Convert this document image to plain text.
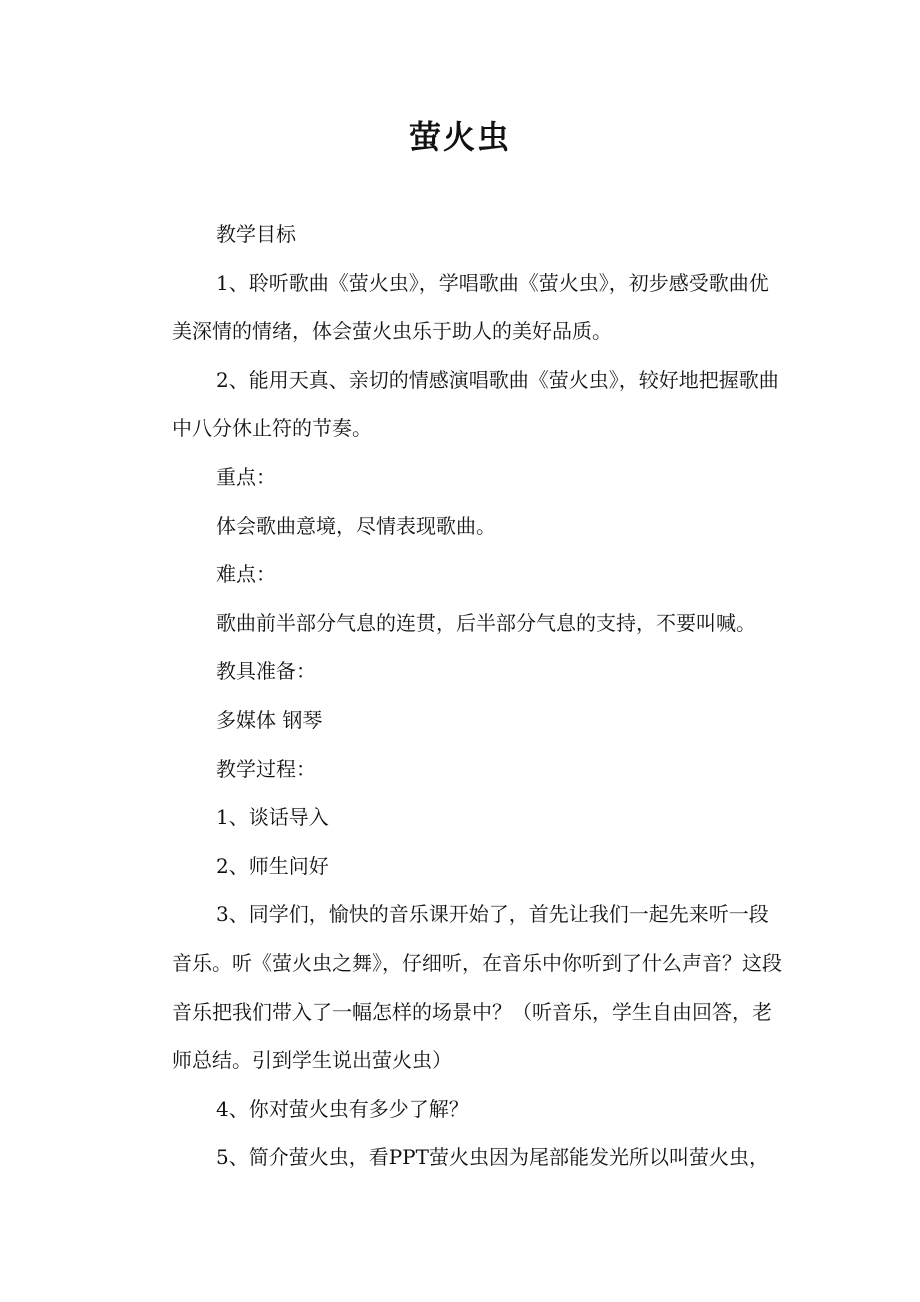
萤火虫

教学目标

1、聆听歌曲《萤火虫》，学唱歌曲《萤火虫》，初步感受歌曲优美深情的情绪，体会萤火虫乐于助人的美好品质。

2、能用天真、亲切的情感演唱歌曲《萤火虫》，较好地把握歌曲中八分休止符的节奏。

重点：

体会歌曲意境，尽情表现歌曲。

难点：

歌曲前半部分气息的连贯，后半部分气息的支持，不要叫喊。

教具准备：

多媒体 钢琴

教学过程：

1、谈话导入

2、师生问好

3、同学们，愉快的音乐课开始了，首先让我们一起先来听一段音乐。听《萤火虫之舞》，仔细听，在音乐中你听到了什么声音？这段音乐把我们带入了一幅怎样的场景中？（听音乐，学生自由回答，老师总结。引到学生说出萤火虫）

4、你对萤火虫有多少了解？

5、简介萤火虫，看PPT萤火虫因为尾部能发光所以叫萤火虫，
